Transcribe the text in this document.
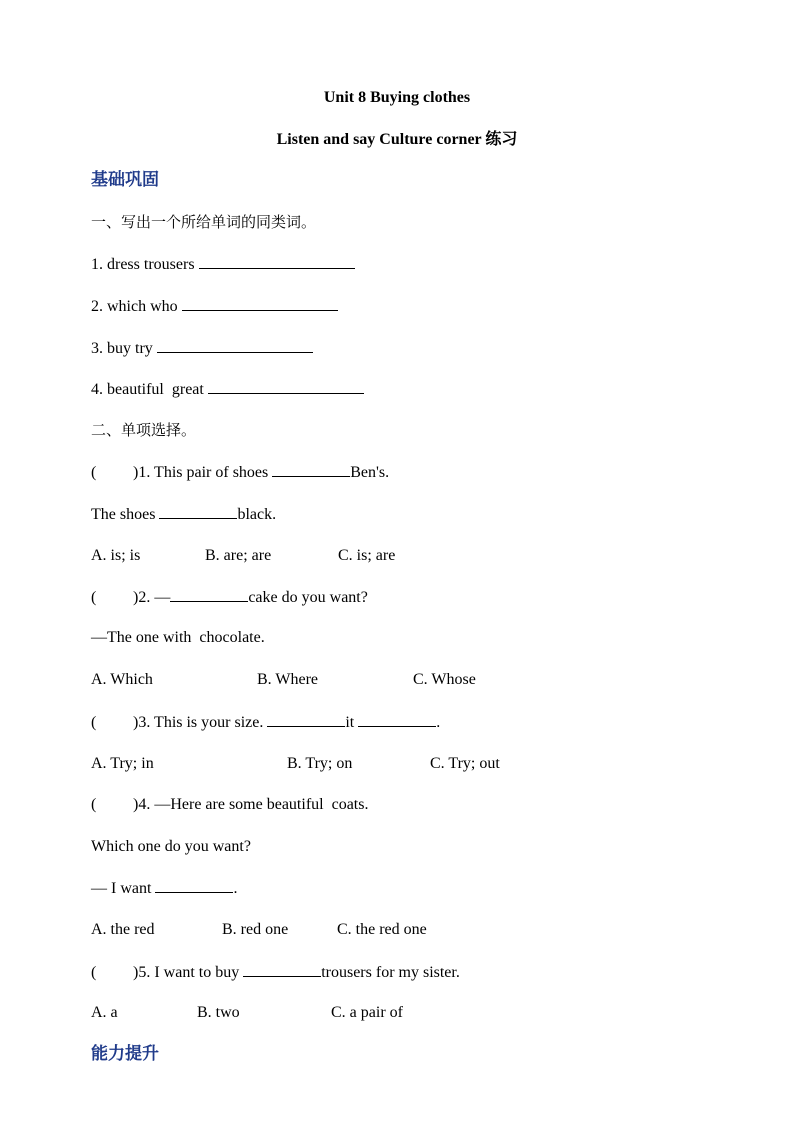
Unit 8 Buying clothes
Listen and say Culture corner 练习
基础巩固
一、写出一个所给单词的同类词。
1. dress trousers
2. which who
3. buy try
4. beautiful  great
二、单项选择。
( )1. This pair of shoes	Ben's.
The shoes	black.
A. is; is	B. are; are	C. is; are
( )2. —	cake do you want?
—The one with  chocolate.
A. Which	B. Where	C. Whose
( )3. This is your size.	it	.
A. Try; in	B. Try; on	C. Try; out
( )4. —Here are some beautiful  coats.
Which one do you want?
— I want	.
A. the red	B. red one	C. the red one
( )5. I want to buy	trousers for my sister.
A. a	B. two	C. a pair of
能力提升
